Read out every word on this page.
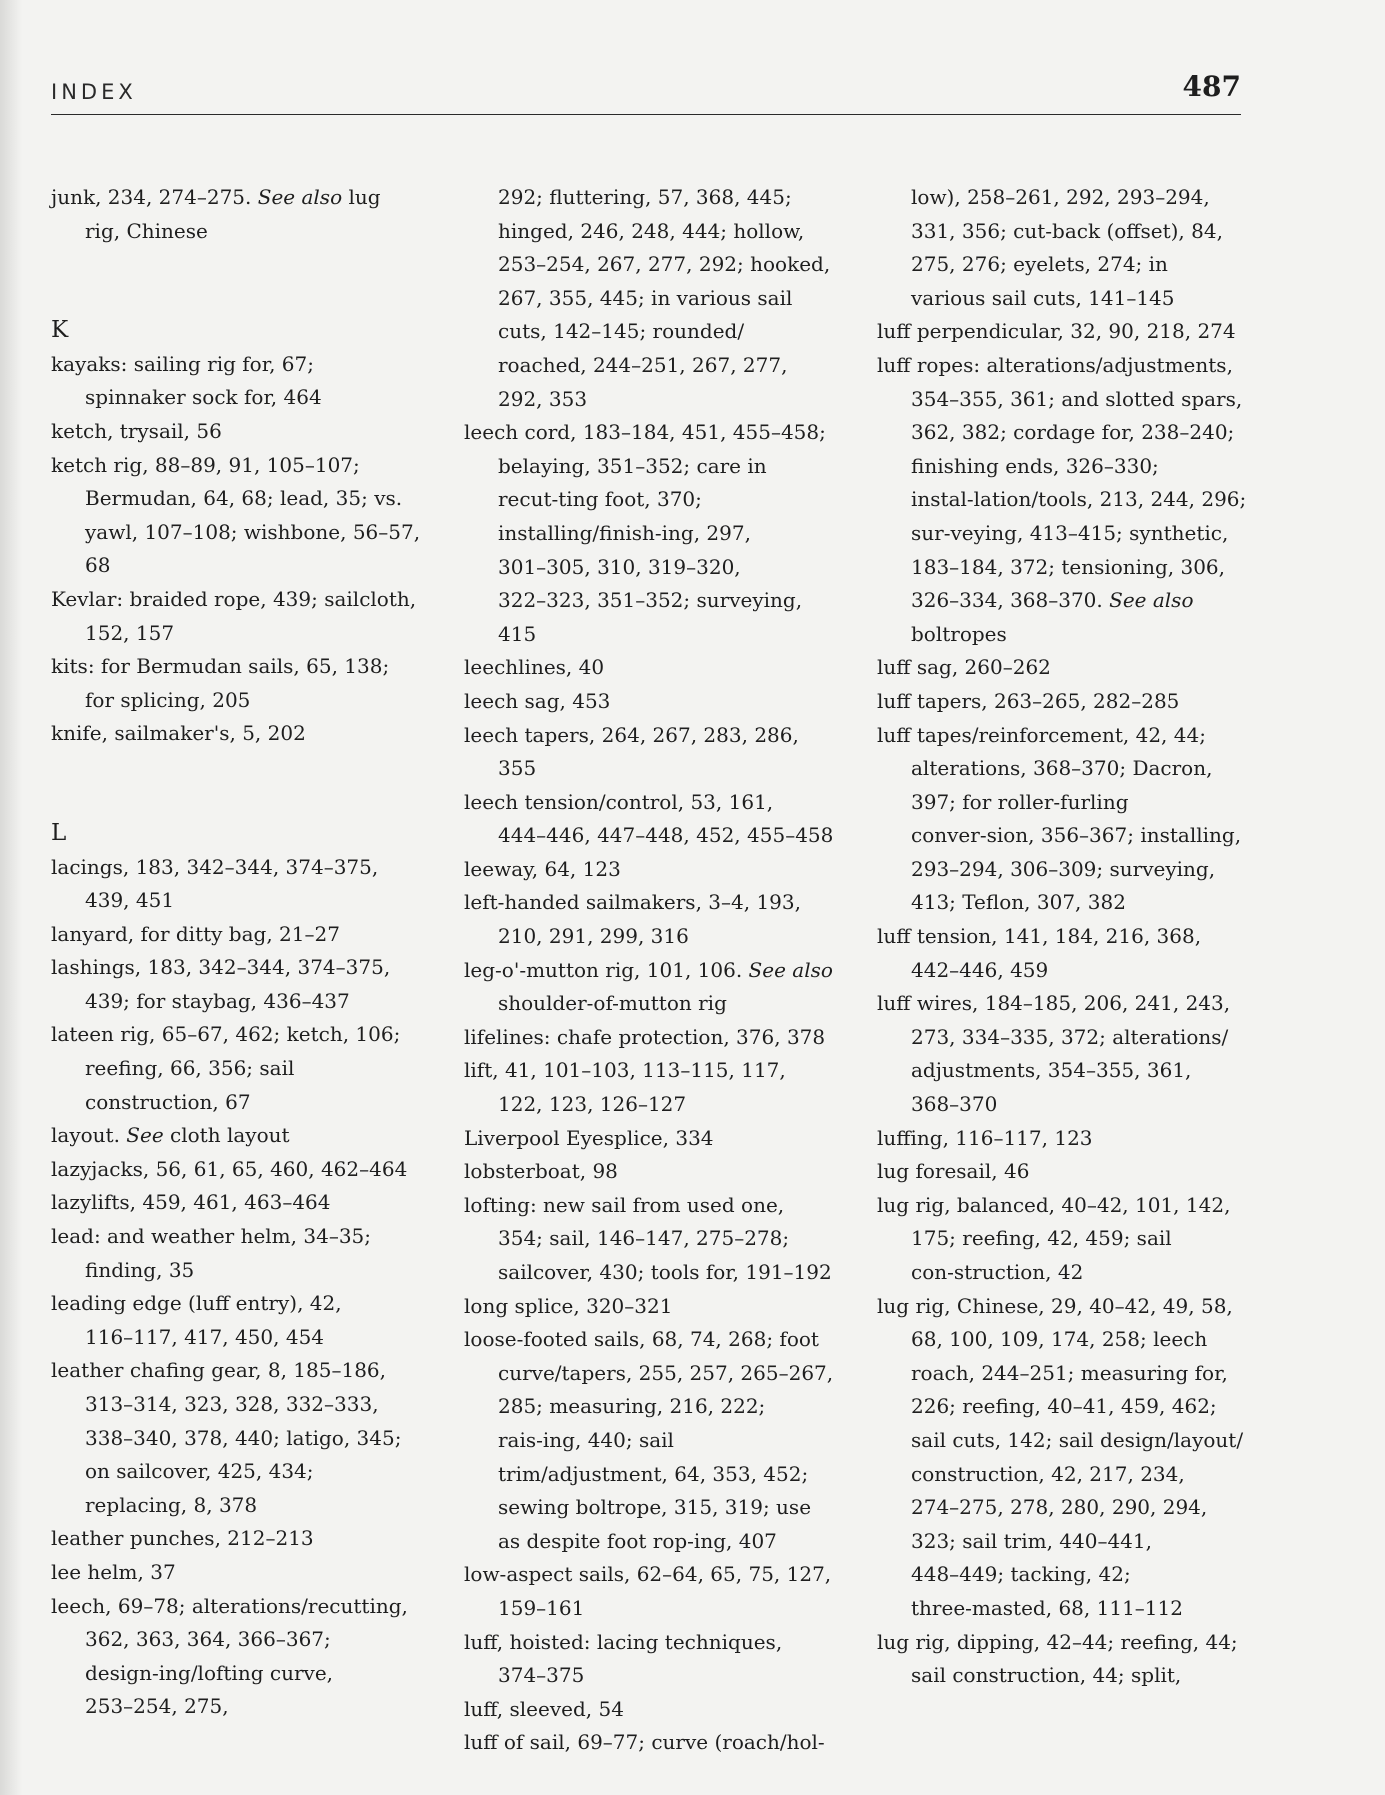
INDEX	487
junk, 234, 274–275. See also lug
rig, Chinese
K
kayaks: sailing rig for, 67;
spinnaker sock for, 464
ketch, trysail, 56
ketch rig, 88–89, 91, 105–107;
Bermudan, 64, 68; lead, 35; vs.
yawl, 107–108; wishbone, 56–57,
68
Kevlar: braided rope, 439; sailcloth,
152, 157
kits: for Bermudan sails, 65, 138;
for splicing, 205
knife, sailmaker's, 5, 202
L
lacings, 183, 342–344, 374–375,
439, 451
lanyard, for ditty bag, 21–27
lashings, 183, 342–344, 374–375,
439; for staybag, 436–437
lateen rig, 65–67, 462; ketch, 106;
reefing, 66, 356; sail
construction, 67
layout. See cloth layout
lazyjacks, 56, 61, 65, 460, 462–464
lazylifts, 459, 461, 463–464
lead: and weather helm, 34–35;
finding, 35
leading edge (luff entry), 42,
116–117, 417, 450, 454
leather chafing gear, 8, 185–186,
313–314, 323, 328, 332–333,
338–340, 378, 440; latigo, 345;
on sailcover, 425, 434;
replacing, 8, 378
leather punches, 212–213
lee helm, 37
leech, 69–78; alterations/recutting,
362, 363, 364, 366–367;
design-ing/lofting curve,
253–254, 275,
292; fluttering, 57, 368, 445;
hinged, 246, 248, 444; hollow,
253–254, 267, 277, 292; hooked,
267, 355, 445; in various sail
cuts, 142–145; rounded/
roached, 244–251, 267, 277,
292, 353
leech cord, 183–184, 451, 455–458;
belaying, 351–352; care in
recut-ting foot, 370;
installing/finish-ing, 297,
301–305, 310, 319–320,
322–323, 351–352; surveying,
415
leechlines, 40
leech sag, 453
leech tapers, 264, 267, 283, 286,
355
leech tension/control, 53, 161,
444–446, 447–448, 452, 455–458
leeway, 64, 123
left-handed sailmakers, 3–4, 193,
210, 291, 299, 316
leg-o'-mutton rig, 101, 106. See also
shoulder-of-mutton rig
lifelines: chafe protection, 376, 378
lift, 41, 101–103, 113–115, 117,
122, 123, 126–127
Liverpool Eyesplice, 334
lobsterboat, 98
lofting: new sail from used one,
354; sail, 146–147, 275–278;
sailcover, 430; tools for, 191–192
long splice, 320–321
loose-footed sails, 68, 74, 268; foot
curve/tapers, 255, 257, 265–267,
285; measuring, 216, 222;
rais-ing, 440; sail
trim/adjustment, 64, 353, 452;
sewing boltrope, 315, 319; use
as despite foot rop-ing, 407
low-aspect sails, 62–64, 65, 75, 127,
159–161
luff, hoisted: lacing techniques,
374–375
luff, sleeved, 54
luff of sail, 69–77; curve (roach/hol-
low), 258–261, 292, 293–294,
331, 356; cut-back (offset), 84,
275, 276; eyelets, 274; in
various sail cuts, 141–145
luff perpendicular, 32, 90, 218, 274
luff ropes: alterations/adjustments,
354–355, 361; and slotted spars,
362, 382; cordage for, 238–240;
finishing ends, 326–330;
instal-lation/tools, 213, 244, 296;
sur-veying, 413–415; synthetic,
183–184, 372; tensioning, 306,
326–334, 368–370. See also
boltropes
luff sag, 260–262
luff tapers, 263–265, 282–285
luff tapes/reinforcement, 42, 44;
alterations, 368–370; Dacron,
397; for roller-furling
conver-sion, 356–367; installing,
293–294, 306–309; surveying,
413; Teflon, 307, 382
luff tension, 141, 184, 216, 368,
442–446, 459
luff wires, 184–185, 206, 241, 243,
273, 334–335, 372; alterations/
adjustments, 354–355, 361,
368–370
luffing, 116–117, 123
lug foresail, 46
lug rig, balanced, 40–42, 101, 142,
175; reefing, 42, 459; sail
con-struction, 42
lug rig, Chinese, 29, 40–42, 49, 58,
68, 100, 109, 174, 258; leech
roach, 244–251; measuring for,
226; reefing, 40–41, 459, 462;
sail cuts, 142; sail design/layout/
construction, 42, 217, 234,
274–275, 278, 280, 290, 294,
323; sail trim, 440–441,
448–449; tacking, 42;
three-masted, 68, 111–112
lug rig, dipping, 42–44; reefing, 44;
sail construction, 44; split,
